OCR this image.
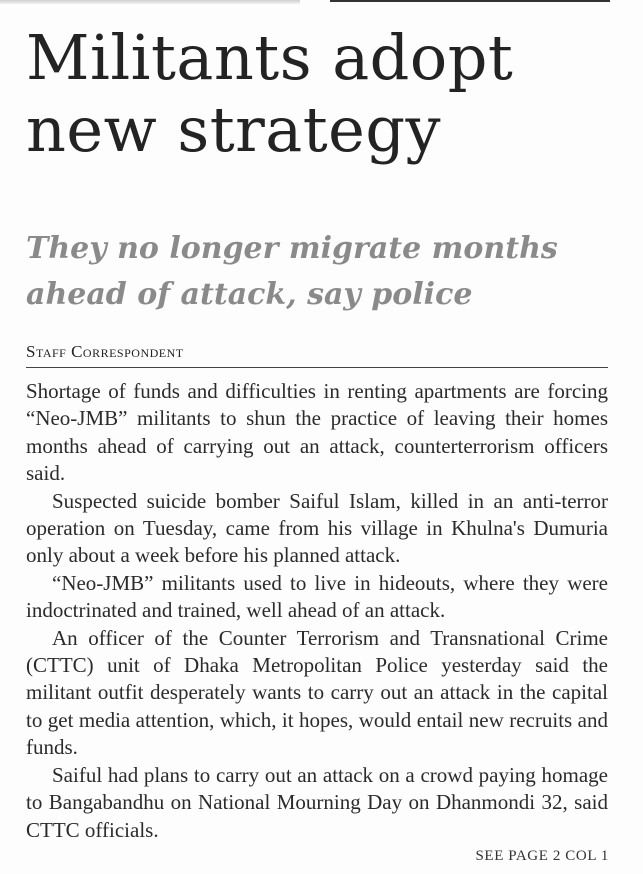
Militants adopt
new strategy
They no longer migrate months
ahead of attack, say police
Staff Correspondent

Shortage of funds and difficulties in renting apartments are forcing “Neo-JMB” militants to shun the practice of leaving their homes months ahead of carrying out an attack, counterterrorism officers said.

Suspected suicide bomber Saiful Islam, killed in an anti-terror operation on Tuesday, came from his village in Khulna's Dumuria only about a week before his planned attack.

“Neo-JMB” militants used to live in hideouts, where they were indoctrinated and trained, well ahead of an attack.

An officer of the Counter Terrorism and Transnational Crime (CTTC) unit of Dhaka Metropolitan Police yesterday said the militant outfit desperately wants to carry out an attack in the capital to get media attention, which, it hopes, would entail new recruits and funds.

Saiful had plans to carry out an attack on a crowd paying homage to Bangabandhu on National Mourning Day on Dhanmondi 32, said CTTC officials.

SEE PAGE 2 COL 1
